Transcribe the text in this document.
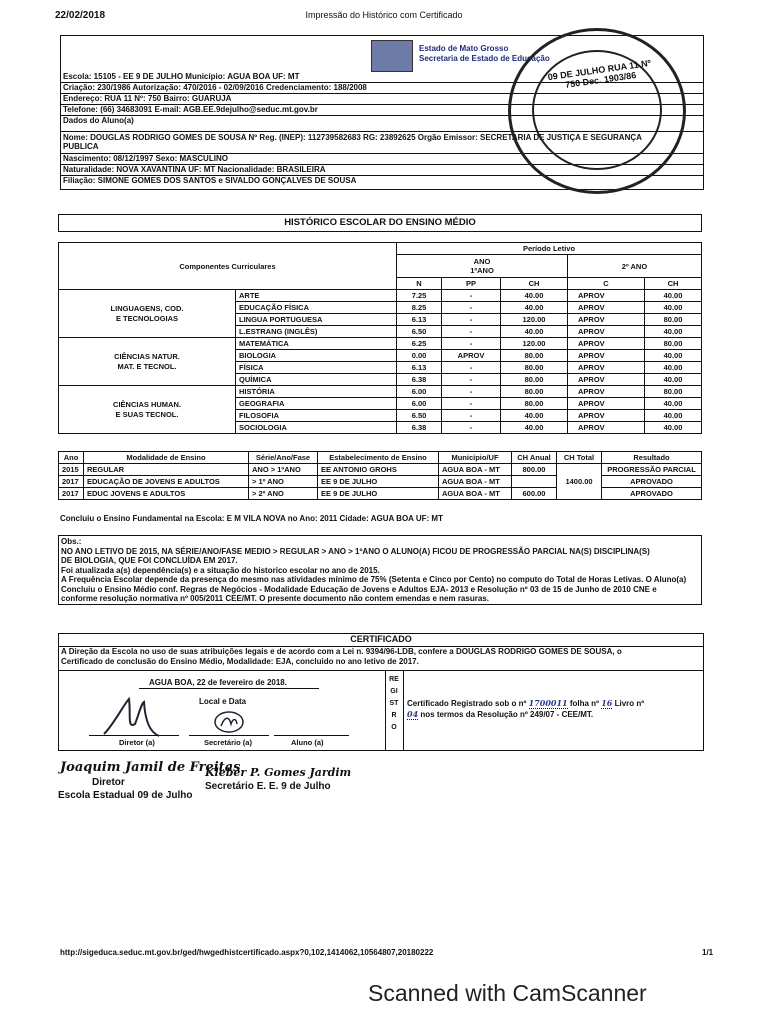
22/02/2018	Impressão do Histórico com Certificado
Estado de Mato Grosso
Secretaria de Estado de Educação
Escola: 15105 - EE 9 DE JULHO Município: AGUA BOA UF: MT
Criação: 230/1986 Autorização: 470/2016 - 02/09/2016 Credenciamento: 188/2008
Endereço: RUA 11 Nº: 750 Bairro: GUARUJA
Telefone: (66) 34683091 E-mail: AGB.EE.9dejulho@seduc.mt.gov.br
Dados do Aluno(a)
Nome: DOUGLAS RODRIGO GOMES DE SOUSA Nº Reg. (INEP): 112739582683 RG: 23892625 Orgão Emissor: SECRETARIA DE JUSTIÇA E SEGURANÇA
PUBLICA
Nascimento: 08/12/1997 Sexo: MASCULINO
Naturalidade: NOVA XAVANTINA UF: MT Nacionalidade: BRASILEIRA
Filiação: SIMONE GOMES DOS SANTOS e SIVALDO GONÇALVES DE SOUSA
09 DE JULHO RUA 11 Nº 750 Dec. 1903/86
HISTÓRICO ESCOLAR DO ENSINO MÉDIO
Componentes Curriculares		Período Letivo				
		ANO
1ºANO			2º ANO	
		N	PP	CH	C	CH
LINGUAGENS, COD.
E TECNOLOGIAS	ARTE	7.25	-	40.00	APROV	40.00
	EDUCAÇÃO FÍSICA	8.25	-	40.00	APROV	40.00
	LINGUA PORTUGUESA	6.13	-	120.00	APROV	80.00
	L.ESTRANG (INGLÊS)	6.50	-	40.00	APROV	40.00
CIÊNCIAS NATUR.
MAT. E TECNOL.	MATEMÁTICA	6.25	-	120.00	APROV	80.00
	BIOLOGIA	0.00	APROV	80.00	APROV	40.00
	FÍSICA	6.13	-	80.00	APROV	40.00
	QUÍMICA	6.38	-	80.00	APROV	40.00
CIÊNCIAS HUMAN.
E SUAS TECNOL.	HISTÓRIA	6.00	-	80.00	APROV	80.00
	GEOGRAFIA	6.00	-	80.00	APROV	40.00
	FILOSOFIA	6.50	-	40.00	APROV	40.00
	SOCIOLOGIA	6.38	-	40.00	APROV	40.00
Ano	Modalidade de Ensino	Série/Ano/Fase	Estabelecimento de Ensino	Município/UF	CH Anual	CH Total	Resultado
2015	REGULAR	ANO > 1ºANO	EE ANTONIO GROHS	AGUA BOA - MT	800.00	1400.00	PROGRESSÃO PARCIAL
2017	EDUCAÇÃO DE JOVENS E ADULTOS	> 1º ANO	EE 9 DE JULHO	AGUA BOA - MT			APROVADO
2017	EDUC JOVENS E ADULTOS	> 2º ANO	EE 9 DE JULHO	AGUA BOA - MT	600.00		APROVADO
Concluiu o Ensino Fundamental na Escola: E M VILA NOVA no Ano: 2011 Cidade: AGUA BOA UF: MT
Obs.:
NO ANO LETIVO DE 2015, NA SÉRIE/ANO/FASE MEDIO > REGULAR > ANO > 1ºANO O ALUNO(A) FICOU DE PROGRESSÃO PARCIAL NA(S) DISCIPLINA(S)
DE BIOLOGIA, QUE FOI CONCLUÍDA EM 2017.
Foi atualizada a(s) dependência(s) e a situação do historico escolar no ano de 2015.
A Frequência Escolar depende da presença do mesmo nas atividades mínimo de 75% (Setenta e Cinco por Cento) no computo do Total de Horas Letivas. O Aluno(a)
Concluiu o Ensino Médio conf. Regras de Negócios - Modalidade Educação de Jovens e Adultos EJA- 2013 e Resolução nº 03 de 15 de Junho de 2010 CNE e
conforme resolução normativa nº 005/2011 CEE/MT. O presente documento não contem emendas e nem rasuras.
CERTIFICADO
A Direção da Escola no uso de suas atribuições legais e de acordo com a Lei n. 9394/96-LDB, confere a DOUGLAS RODRIGO GOMES DE SOUSA, o
Certificado de conclusão do Ensino Médio, Modalidade: EJA, concluido no ano letivo de 2017.
AGUA BOA, 22 de fevereiro de 2018.
Local e Data
Diretor (a)	Secretário (a)	Aluno (a)
REGISTRO
Certificado Registrado sob o nº 1700011 folha nº 16 Livro nº
04 nos termos da Resolução nº 249/07 - CEE/MT.
Joaquim Jamil de Freitas
Diretor
Escola Estadual 09 de Julho
Kleber P. Gomes Jardim
Secretário E. E. 9 de Julho
http://sigeduca.seduc.mt.gov.br/ged/hwgedhistcertificado.aspx?0,102,1414062,10564807,20180222	1/1
Scanned with CamScanner
